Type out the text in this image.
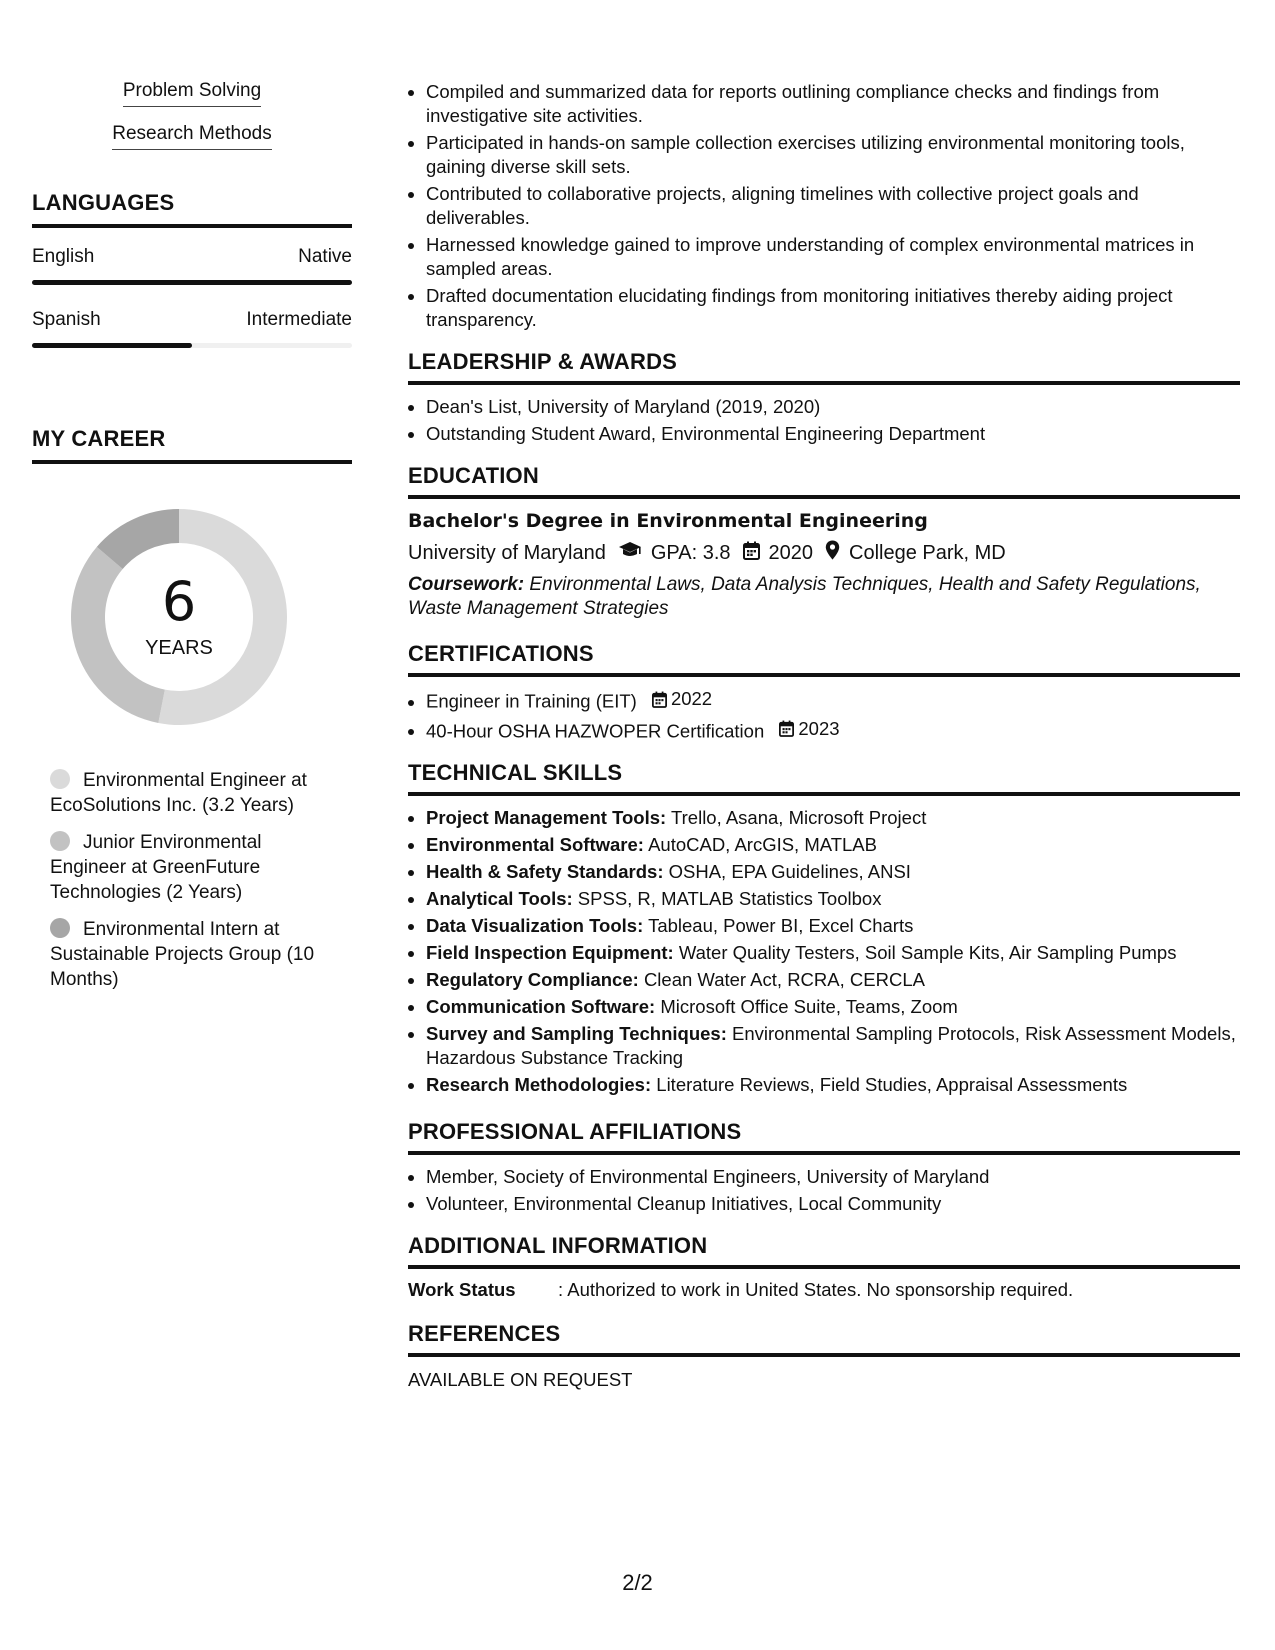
Problem Solving
Research Methods
LANGUAGES
English	Native
Spanish	Intermediate
MY CAREER
6
YEARS
Environmental Engineer at EcoSolutions Inc. (3.2 Years)
Junior Environmental Engineer at GreenFuture Technologies (2 Years)
Environmental Intern at Sustainable Projects Group (10 Months)
• Compiled and summarized data for reports outlining compliance checks and findings from investigative site activities.
• Participated in hands-on sample collection exercises utilizing environmental monitoring tools, gaining diverse skill sets.
• Contributed to collaborative projects, aligning timelines with collective project goals and deliverables.
• Harnessed knowledge gained to improve understanding of complex environmental matrices in sampled areas.
• Drafted documentation elucidating findings from monitoring initiatives thereby aiding project transparency.
LEADERSHIP & AWARDS
• Dean's List, University of Maryland (2019, 2020)
• Outstanding Student Award, Environmental Engineering Department
EDUCATION
Bachelor's Degree in Environmental Engineering
University of Maryland GPA: 3.8 2020 College Park, MD
Coursework: Environmental Laws, Data Analysis Techniques, Health and Safety Regulations, Waste Management Strategies
CERTIFICATIONS
• Engineer in Training (EIT) 2022
• 40-Hour OSHA HAZWOPER Certification 2023
TECHNICAL SKILLS
• Project Management Tools: Trello, Asana, Microsoft Project
• Environmental Software: AutoCAD, ArcGIS, MATLAB
• Health & Safety Standards: OSHA, EPA Guidelines, ANSI
• Analytical Tools: SPSS, R, MATLAB Statistics Toolbox
• Data Visualization Tools: Tableau, Power BI, Excel Charts
• Field Inspection Equipment: Water Quality Testers, Soil Sample Kits, Air Sampling Pumps
• Regulatory Compliance: Clean Water Act, RCRA, CERCLA
• Communication Software: Microsoft Office Suite, Teams, Zoom
• Survey and Sampling Techniques: Environmental Sampling Protocols, Risk Assessment Models, Hazardous Substance Tracking
• Research Methodologies: Literature Reviews, Field Studies, Appraisal Assessments
PROFESSIONAL AFFILIATIONS
• Member, Society of Environmental Engineers, University of Maryland
• Volunteer, Environmental Cleanup Initiatives, Local Community
ADDITIONAL INFORMATION
Work Status	: Authorized to work in United States. No sponsorship required.
REFERENCES
AVAILABLE ON REQUEST
2/2
